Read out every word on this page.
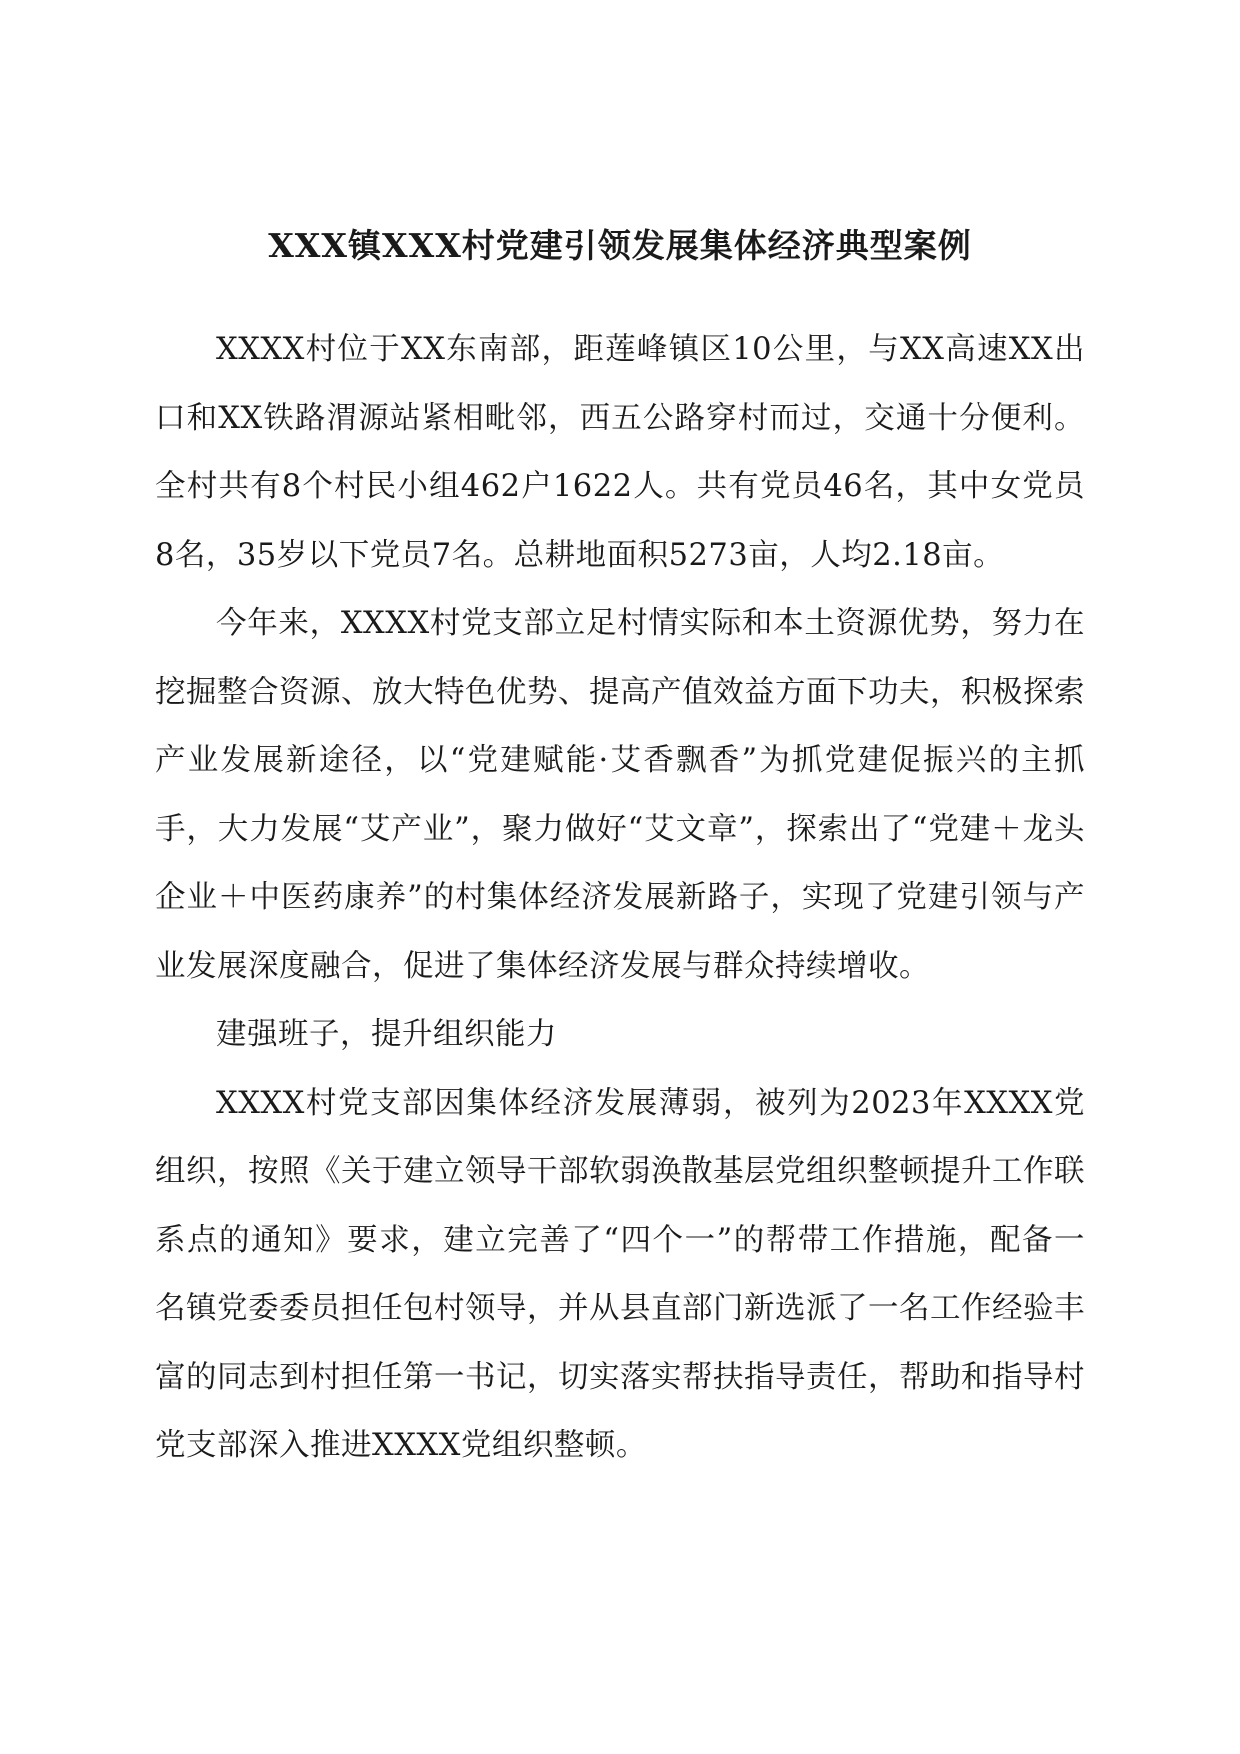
XXX镇XXX村党建引领发展集体经济典型案例

XXXX村位于XX东南部，距莲峰镇区10公里，与XX高速XX出口和XX铁路渭源站紧相毗邻，西五公路穿村而过，交通十分便利。全村共有8个村民小组462户1622人。共有党员46名，其中女党员8名，35岁以下党员7名。总耕地面积5273亩，人均2.18亩。

今年来，XXXX村党支部立足村情实际和本土资源优势，努力在挖掘整合资源、放大特色优势、提高产值效益方面下功夫，积极探索产业发展新途径，以“党建赋能·艾香飘香”为抓党建促振兴的主抓手，大力发展“艾产业”，聚力做好“艾文章”，探索出了“党建＋龙头企业＋中医药康养”的村集体经济发展新路子，实现了党建引领与产业发展深度融合，促进了集体经济发展与群众持续增收。

建强班子，提升组织能力

XXXX村党支部因集体经济发展薄弱，被列为2023年XXXX党组织，按照《关于建立领导干部软弱涣散基层党组织整顿提升工作联系点的通知》要求，建立完善了“四个一”的帮带工作措施，配备一名镇党委委员担任包村领导，并从县直部门新选派了一名工作经验丰富的同志到村担任第一书记，切实落实帮扶指导责任，帮助和指导村党支部深入推进XXXX党组织整顿。
